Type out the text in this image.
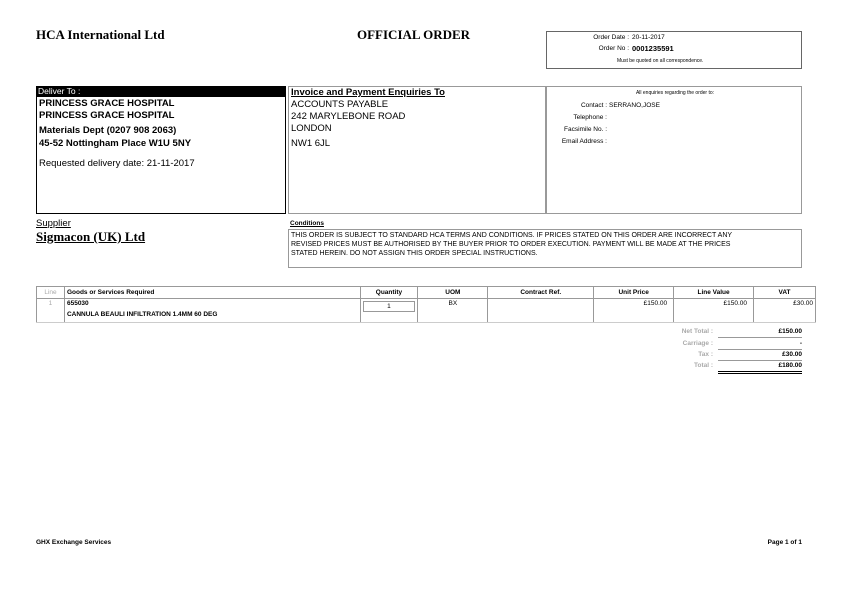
HCA International Ltd	OFFICIAL ORDER	Order Date : 20-11-2017
Order No : 0001235591
Must be quoted on all correspondence.
Deliver To :
PRINCESS GRACE HOSPITAL
PRINCESS GRACE HOSPITAL
Materials Dept (0207 908 2063)
45-52 Nottingham Place W1U 5NY
Requested delivery date: 21-11-2017
Invoice and Payment Enquiries To
ACCOUNTS PAYABLE
242 MARYLEBONE ROAD
LONDON
NW1 6JL
All enquiries regarding the order to:
Contact : SERRANO,JOSE
Telephone :
Facsimile No. :
Email Address :
Supplier
Sigmacon (UK) Ltd
Conditions
THIS ORDER IS SUBJECT TO STANDARD HCA TERMS AND CONDITIONS. IF PRICES STATED ON THIS ORDER ARE INCORRECT ANY
REVISED PRICES MUST BE AUTHORISED BY THE BUYER PRIOR TO ORDER EXECUTION. PAYMENT WILL BE MADE AT THE PRICES
STATED HEREIN. DO NOT ASSIGN THIS ORDER SPECIAL INSTRUCTIONS.
Line	Goods or Services Required	Quantity	UOM	Contract Ref.	Unit Price	Line Value	VAT
1	655030
CANNULA BEAULI INFILTRATION 1.4MM 60 DEG	1	BX		£150.00	£150.00	£30.00
Net Total :	£150.00
Carriage :	-
Tax :	£30.00
Total :	£180.00
GHX Exchange Services	Page 1 of 1
